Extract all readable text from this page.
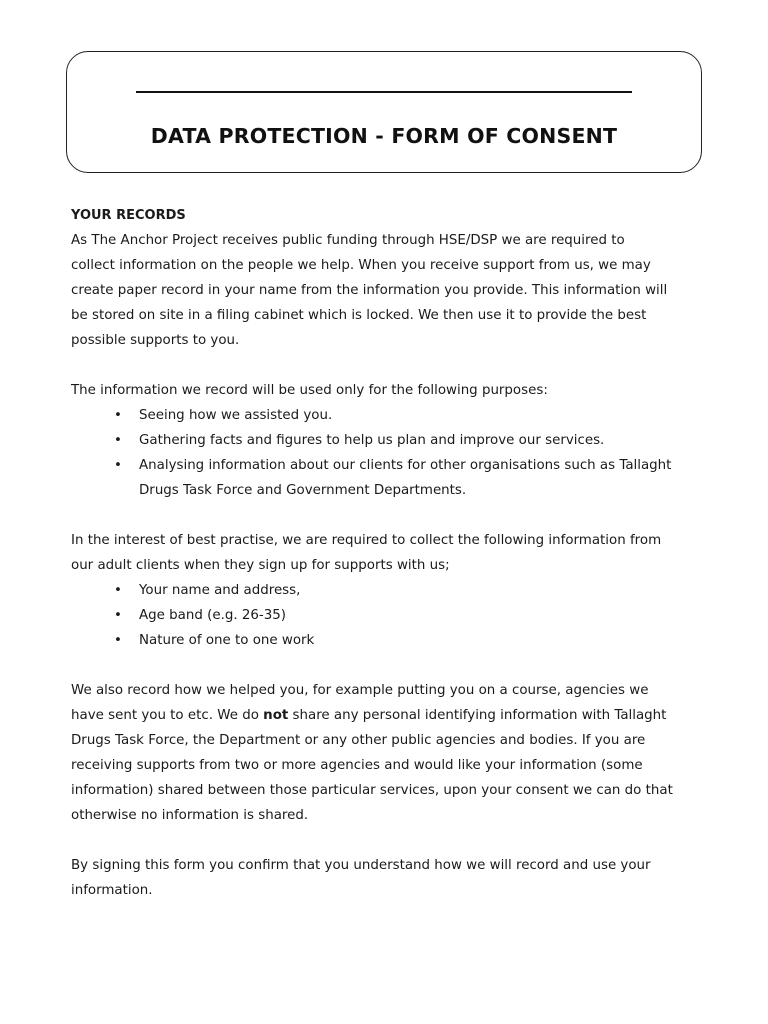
DATA PROTECTION - FORM OF CONSENT

YOUR RECORDS

As The Anchor Project receives public funding through HSE/DSP we are required to
collect information on the people we help. When you receive support from us, we may
create paper record in your name from the information you provide. This information will
be stored on site in a filing cabinet which is locked. We then use it to provide the best
possible supports to you.

The information we record will be used only for the following purposes:

• Seeing how we assisted you.
• Gathering facts and figures to help us plan and improve our services.
• Analysing information about our clients for other organisations such as Tallaght Drugs Task Force and Government Departments.

In the interest of best practise, we are required to collect the following information from
our adult clients when they sign up for supports with us;

• Your name and address,
• Age band (e.g. 26-35)
• Nature of one to one work

We also record how we helped you, for example putting you on a course, agencies we
have sent you to etc. We do not share any personal identifying information with Tallaght
Drugs Task Force, the Department or any other public agencies and bodies. If you are
receiving supports from two or more agencies and would like your information (some
information) shared between those particular services, upon your consent we can do that
otherwise no information is shared.

By signing this form you confirm that you understand how we will record and use your
information.
